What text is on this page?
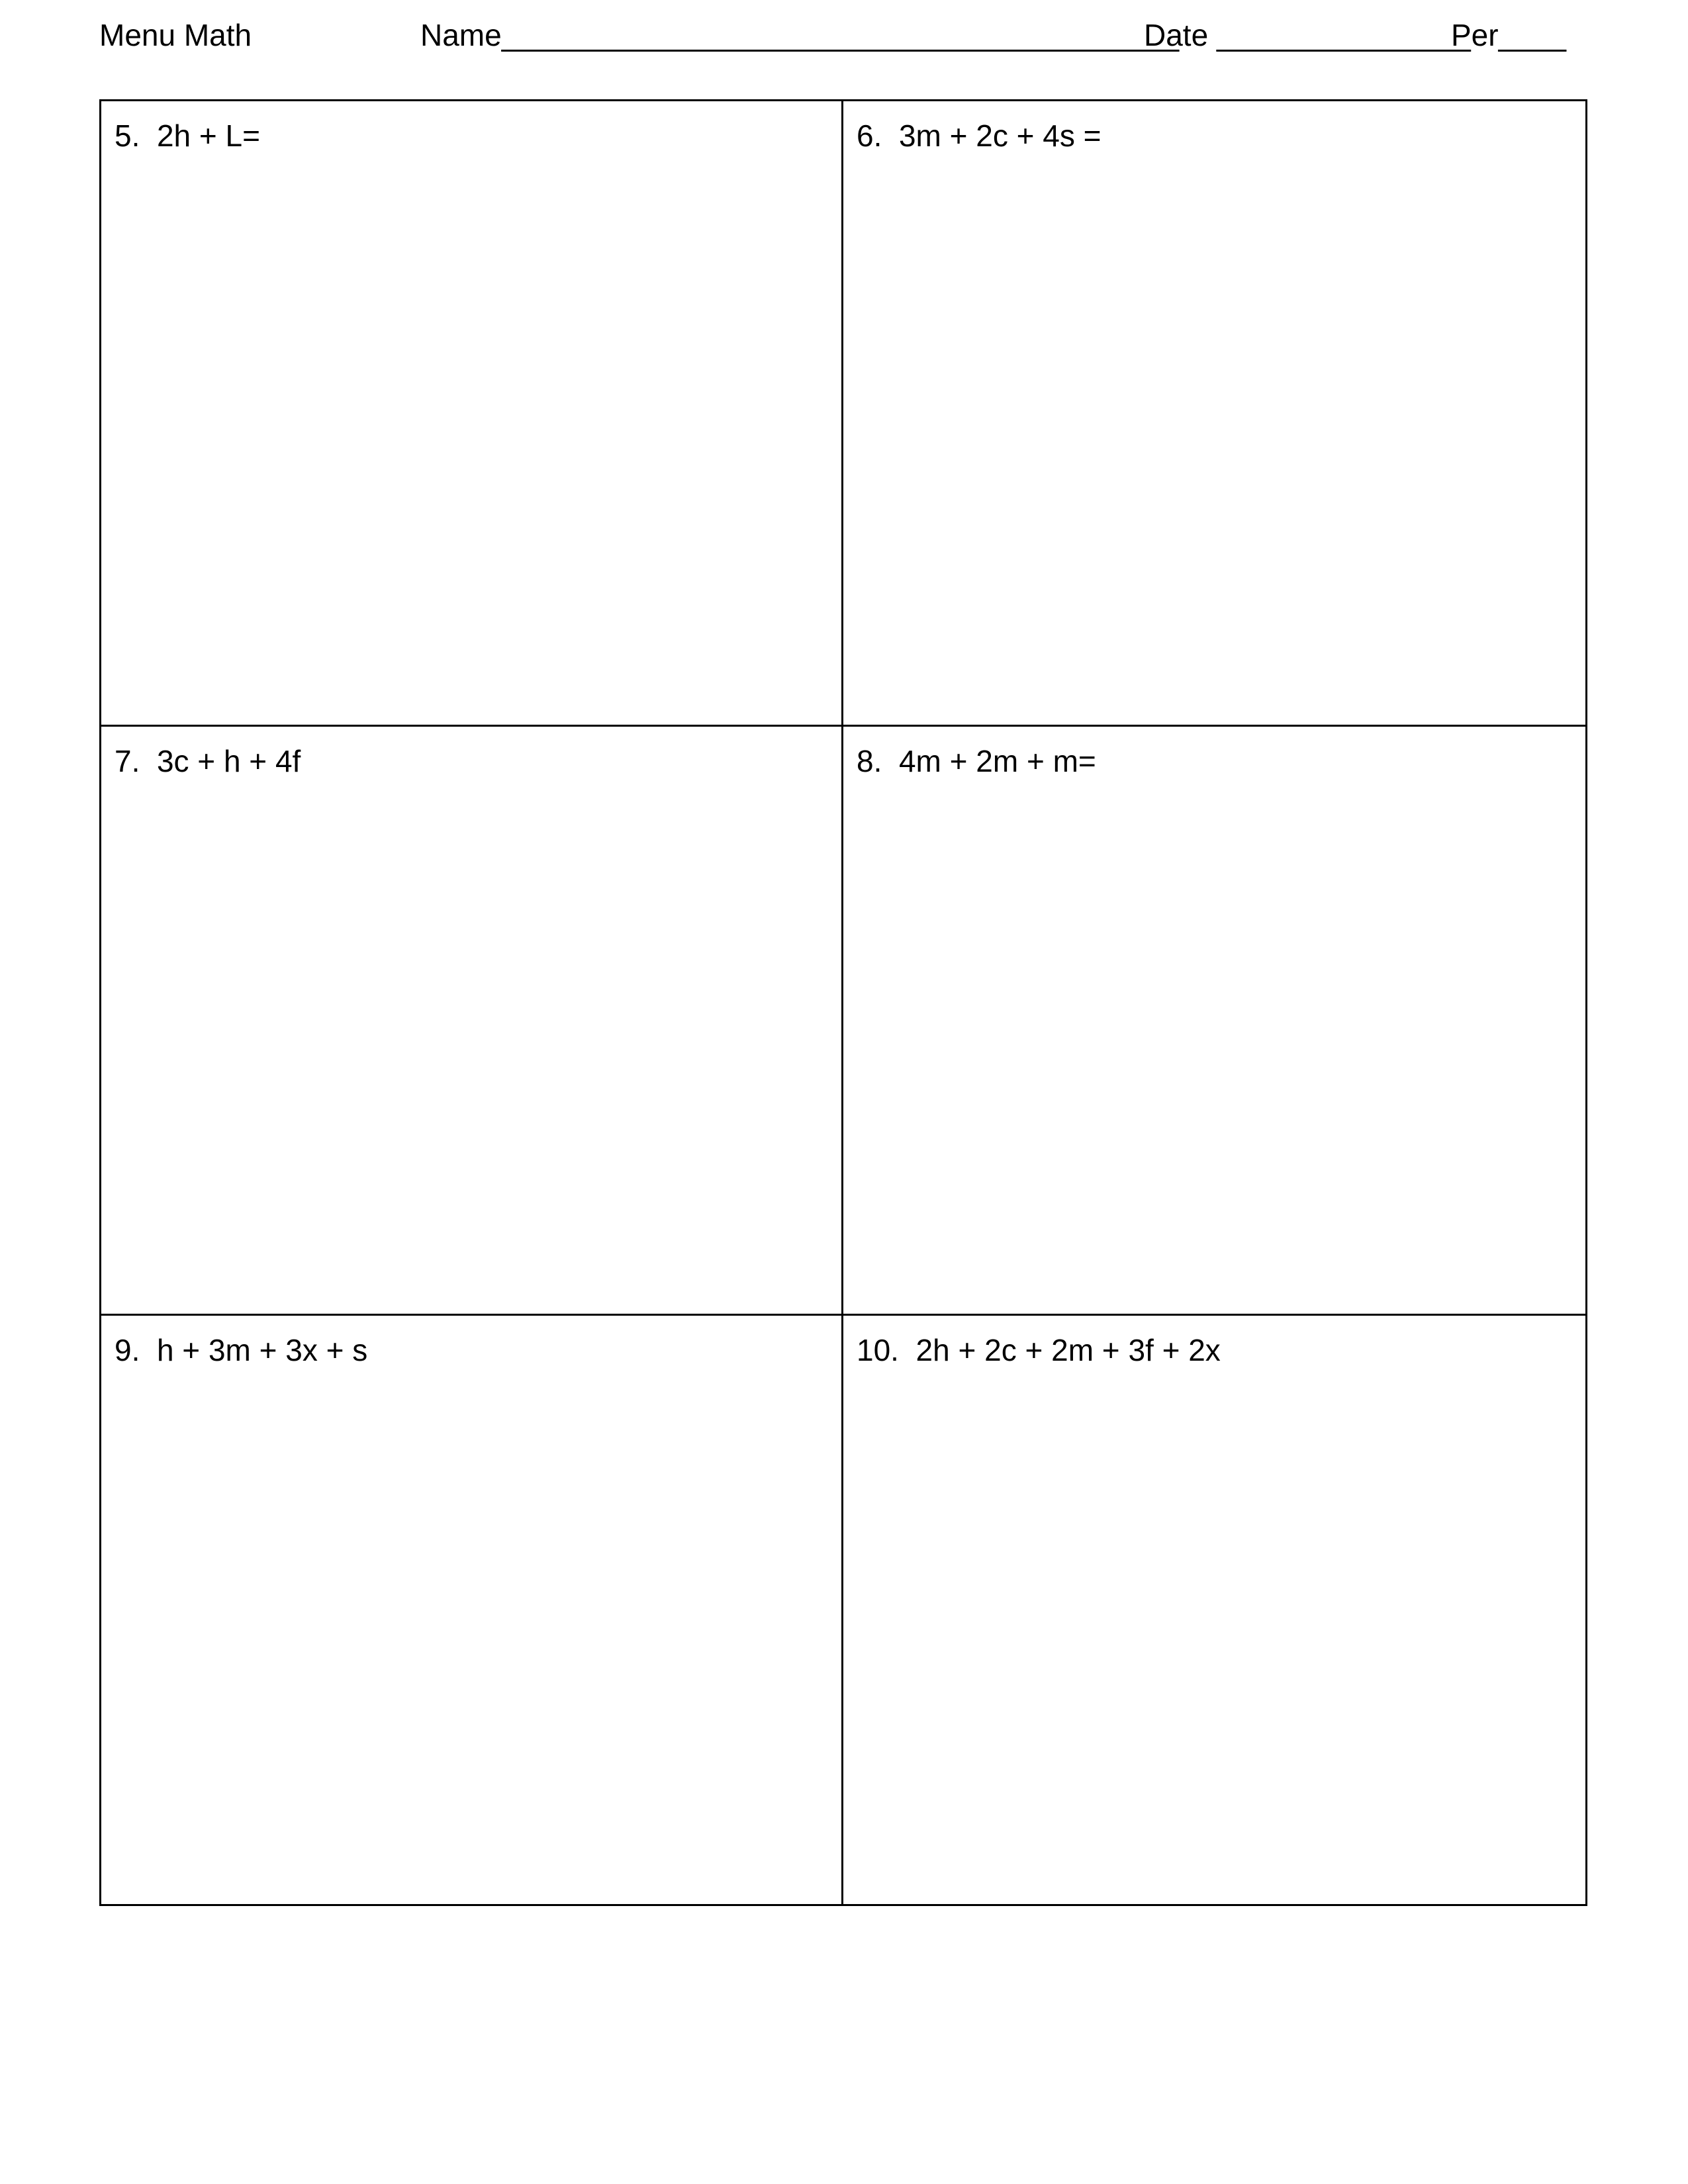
Menu Math	Name________________________________________
Date _______________
Per____
5. 2h + L=	6. 3m + 2c + 4s =
7. 3c + h + 4f	8. 4m + 2m + m=
9. h + 3m + 3x + s	10. 2h + 2c + 2m + 3f + 2x
